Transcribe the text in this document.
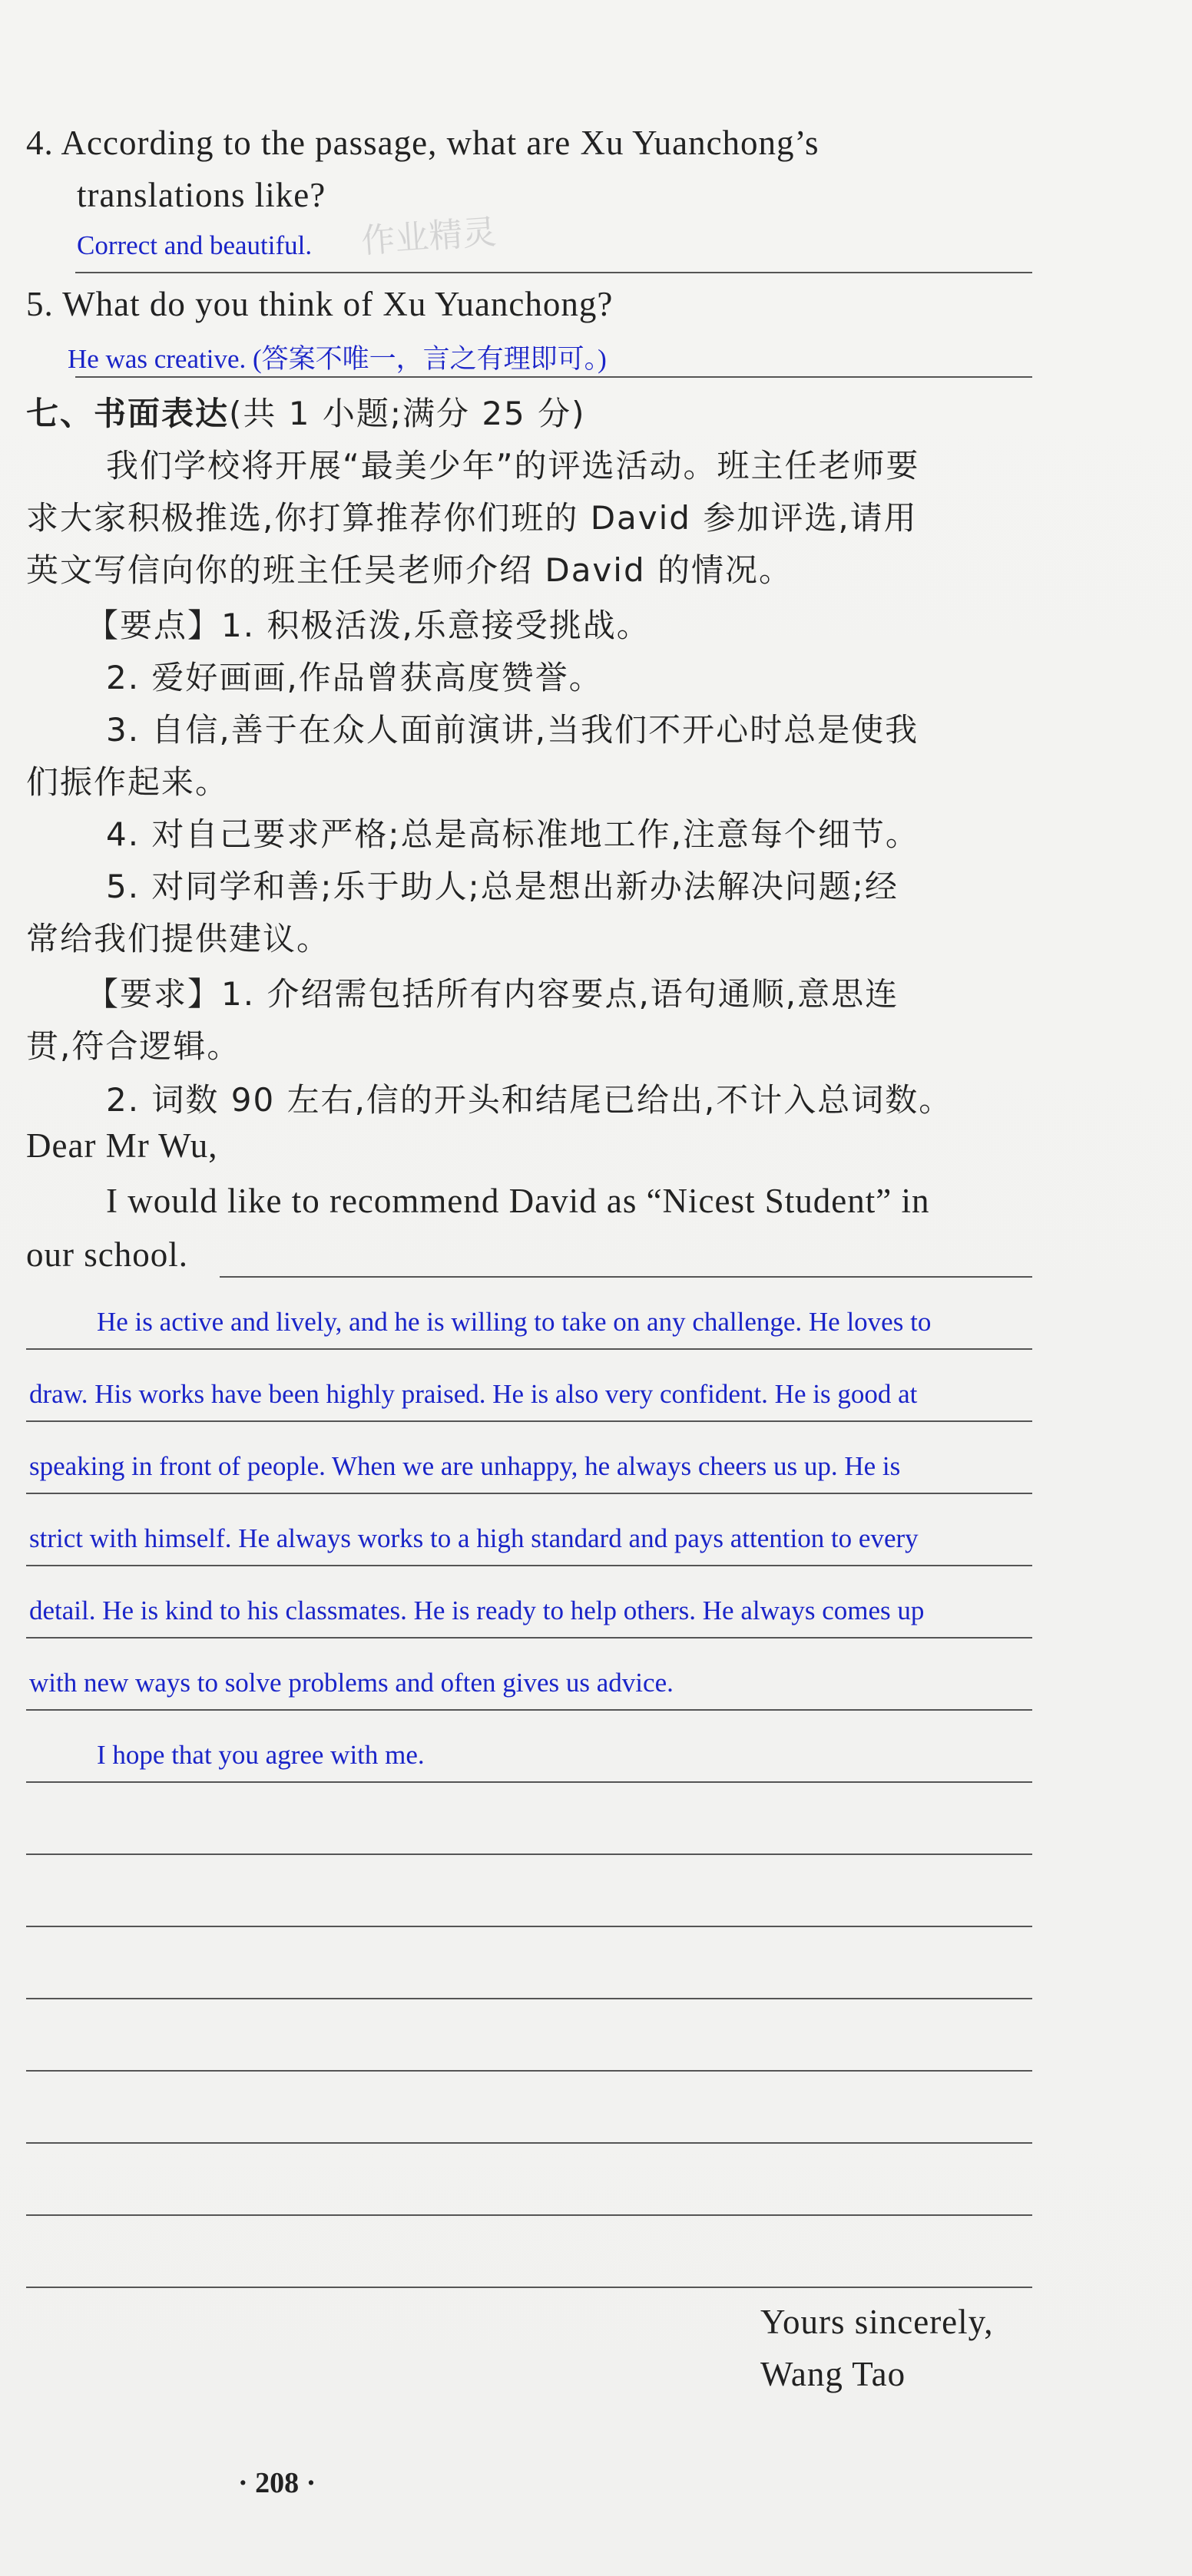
4. According to the passage, what are Xu Yuanchong’s
translations like?
作业精灵
Correct and beautiful.
5. What do you think of Xu Yuanchong?
He was creative. (答案不唯一，言之有理即可。)
七、书面表达(共 1 小题;满分 25 分)
我们学校将开展“最美少年”的评选活动。班主任老师要
求大家积极推选,你打算推荐你们班的 David 参加评选,请用
英文写信向你的班主任吴老师介绍 David 的情况。
【要点】1. 积极活泼,乐意接受挑战。
2. 爱好画画,作品曾获高度赞誉。
3. 自信,善于在众人面前演讲,当我们不开心时总是使我
们振作起来。
4. 对自己要求严格;总是高标准地工作,注意每个细节。
5. 对同学和善;乐于助人;总是想出新办法解决问题;经
常给我们提供建议。
【要求】1. 介绍需包括所有内容要点,语句通顺,意思连
贯,符合逻辑。
2. 词数 90 左右,信的开头和结尾已给出,不计入总词数。
Dear Mr Wu,
I would like to recommend David as “Nicest Student” in
our school.
He is active and lively, and he is willing to take on any challenge. He loves to
draw. His works have been highly praised. He is also very confident. He is good at
speaking in front of people. When we are unhappy, he always cheers us up. He is
strict with himself. He always works to a high standard and pays attention to every
detail. He is kind to his classmates. He is ready to help others. He always comes up
with new ways to solve problems and often gives us advice.
I hope that you agree with me.
Yours sincerely,
Wang Tao
· 208 ·
